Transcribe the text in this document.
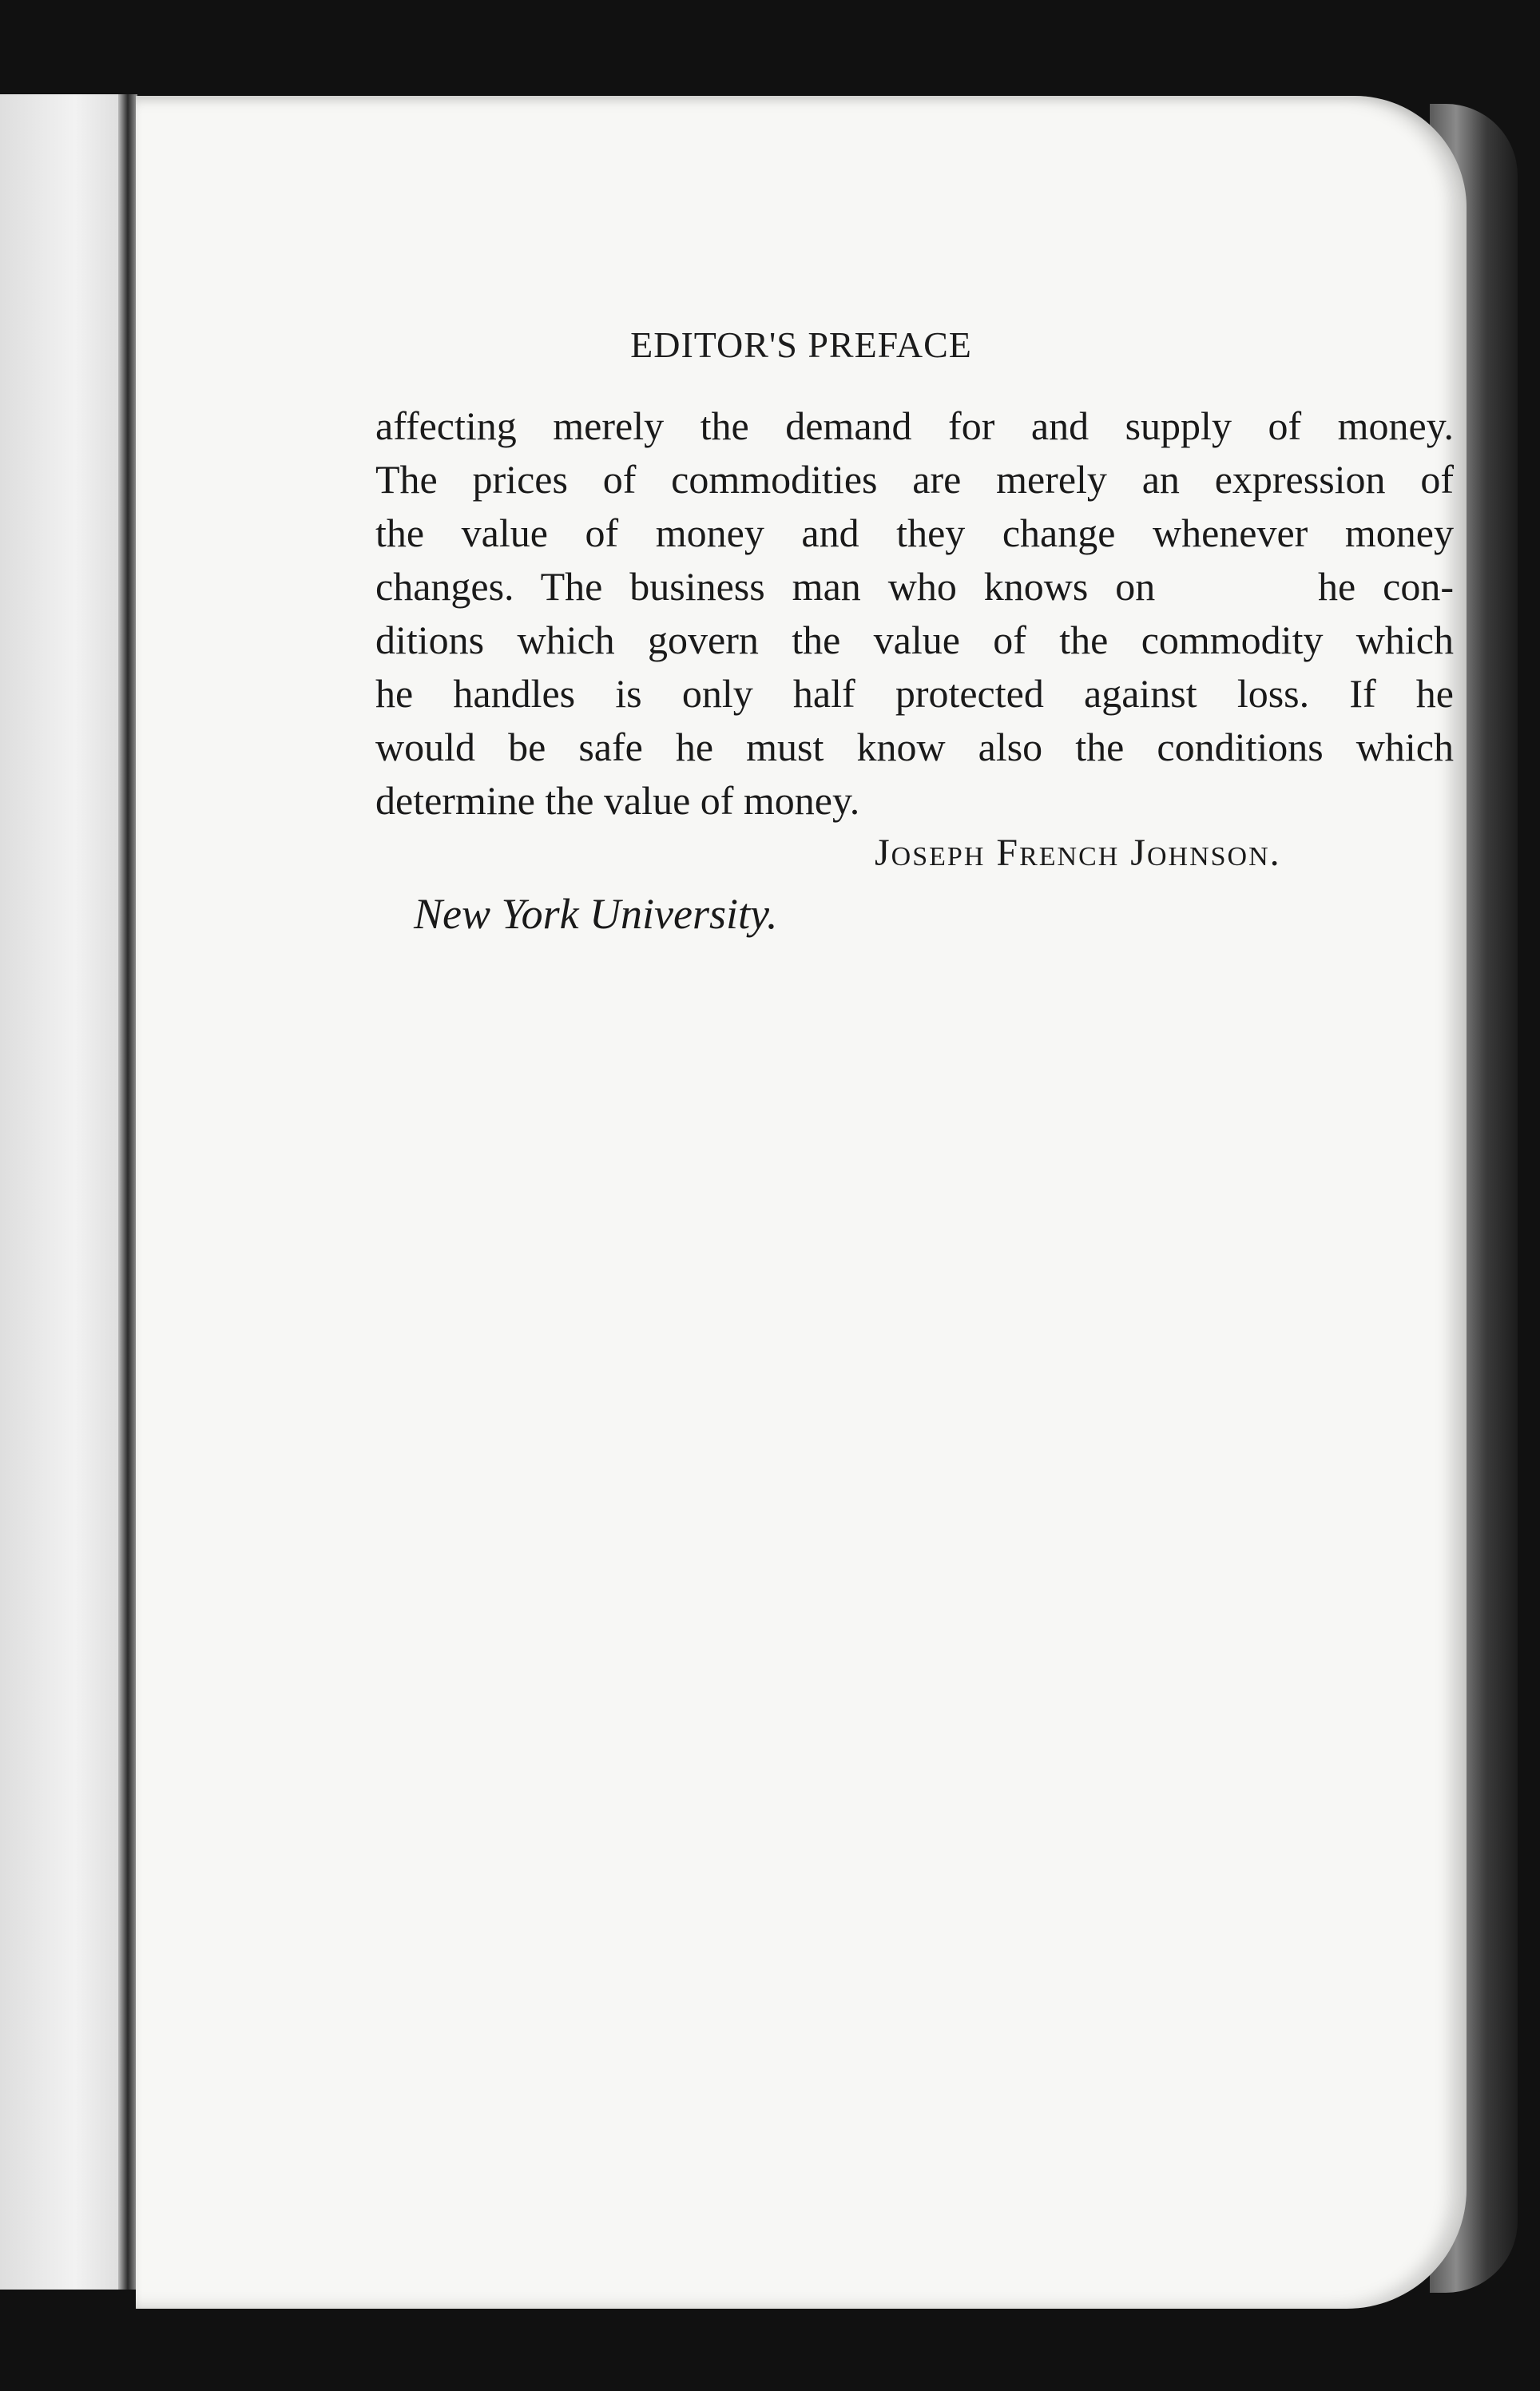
EDITOR'S PREFACE
affecting merely the demand for and supply of money.
The prices of commodities are merely an expression of
the value of money and they change whenever money
changes. The business man who knows on	he con-
ditions which govern the value of the commodity which
he handles is only half protected against loss. If he
would be safe he must know also the conditions which
determine the value of money.
Joseph French Johnson.
New York University.
